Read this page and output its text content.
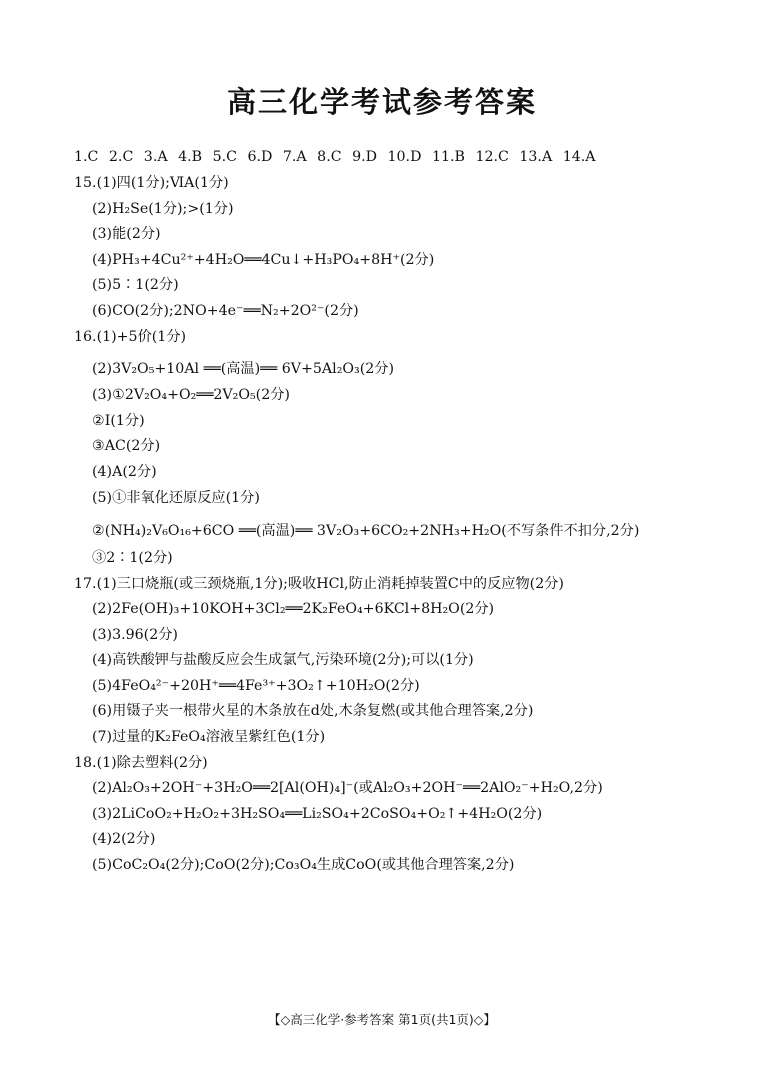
高三化学考试参考答案
1.C 2.C 3.A 4.B 5.C 6.D 7.A 8.C 9.D 10.D 11.B 12.C 13.A 14.A
15.(1)四(1分);ⅥA(1分)
(2)H₂Se(1分);>(1分)
(3)能(2分)
(4)PH₃+4Cu²⁺+4H₂O══4Cu↓+H₃PO₄+8H⁺(2分)
(5)5∶1(2分)
(6)CO(2分);2NO+4e⁻══N₂+2O²⁻(2分)
16.(1)+5价(1分)
(2)3V₂O₅+10Al ══(高温)══ 6V+5Al₂O₃(2分)
(3)①2V₂O₄+O₂══2V₂O₅(2分)
②Ⅰ(1分)
③AC(2分)
(4)A(2分)
(5)①非氧化还原反应(1分)
②(NH₄)₂V₆O₁₆+6CO ══(高温)══ 3V₂O₃+6CO₂+2NH₃+H₂O(不写条件不扣分,2分)
③2∶1(2分)
17.(1)三口烧瓶(或三颈烧瓶,1分);吸收HCl,防止消耗掉装置C中的反应物(2分)
(2)2Fe(OH)₃+10KOH+3Cl₂══2K₂FeO₄+6KCl+8H₂O(2分)
(3)3.96(2分)
(4)高铁酸钾与盐酸反应会生成氯气,污染环境(2分);可以(1分)
(5)4FeO₄²⁻+20H⁺══4Fe³⁺+3O₂↑+10H₂O(2分)
(6)用镊子夹一根带火星的木条放在d处,木条复燃(或其他合理答案,2分)
(7)过量的K₂FeO₄溶液呈紫红色(1分)
18.(1)除去塑料(2分)
(2)Al₂O₃+2OH⁻+3H₂O══2[Al(OH)₄]⁻(或Al₂O₃+2OH⁻══2AlO₂⁻+H₂O,2分)
(3)2LiCoO₂+H₂O₂+3H₂SO₄══Li₂SO₄+2CoSO₄+O₂↑+4H₂O(2分)
(4)2(2分)
(5)CoC₂O₄(2分);CoO(2分);Co₃O₄生成CoO(或其他合理答案,2分)
【◇高三化学·参考答案 第1页(共1页)◇】
